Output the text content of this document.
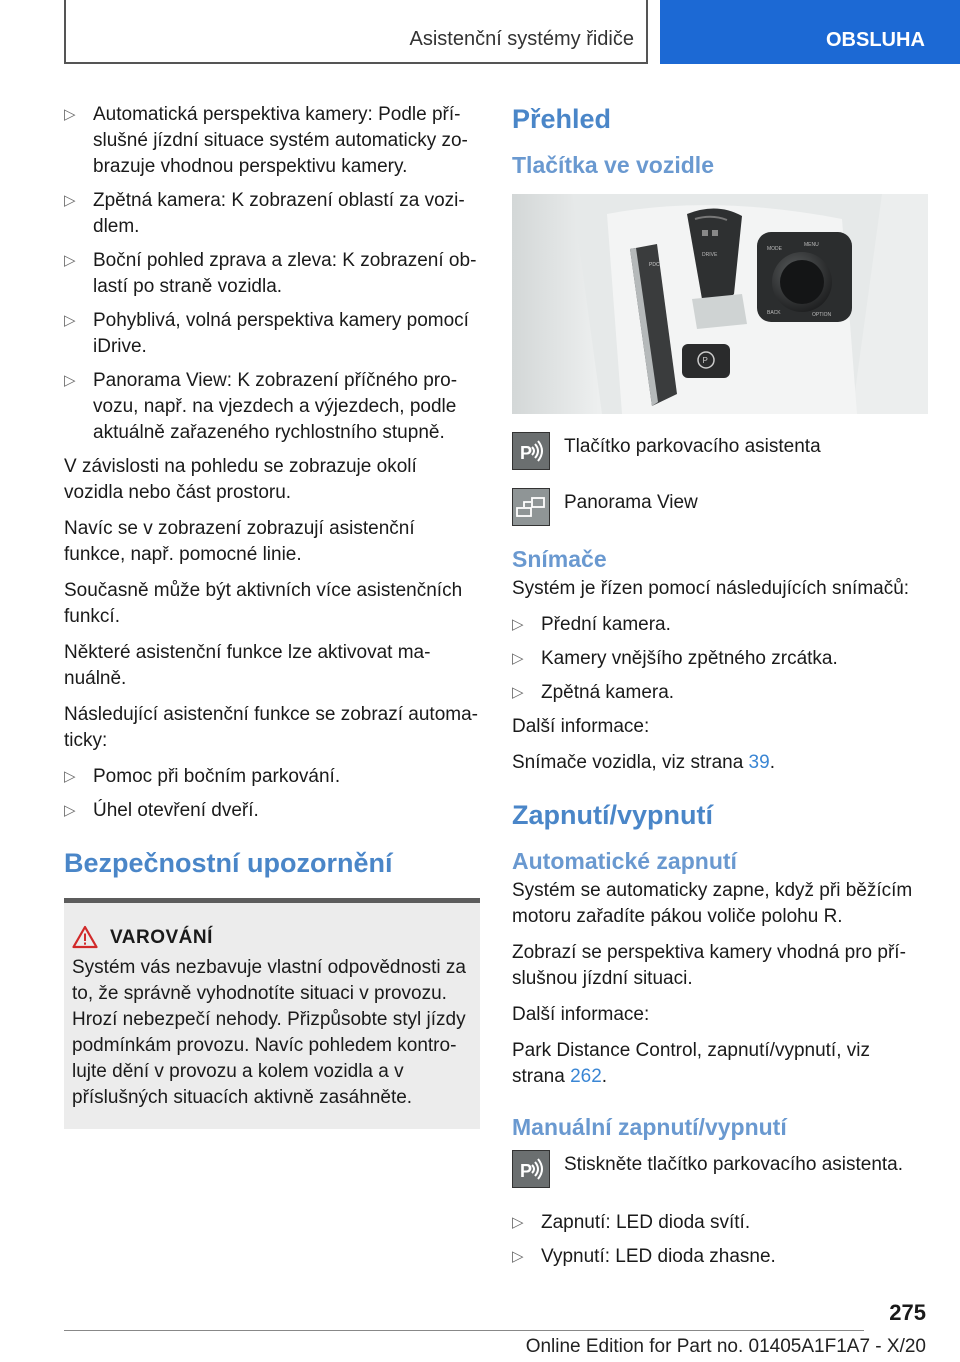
Asistenční systémy řidiče	OBSLUHA
▷ Automatická perspektiva kamery: Podle příslušné jízdní situace systém automaticky zobrazuje vhodnou perspektivu kamery.
▷ Zpětná kamera: K zobrazení oblastí za vozidlem.
▷ Boční pohled zprava a zleva: K zobrazení oblastí po straně vozidla.
▷ Pohyblivá, volná perspektiva kamery pomocí iDrive.
▷ Panorama View: K zobrazení příčného provozu, např. na vjezdech a výjezdech, podle aktuálně zařazeného rychlostního stupně.

V závislosti na pohledu se zobrazuje okolí vozidla nebo část prostoru.

Navíc se v zobrazení zobrazují asistenční funkce, např. pomocné linie.

Současně může být aktivních více asistenčních funkcí.

Některé asistenční funkce lze aktivovat manuálně.

Následující asistenční funkce se zobrazí automaticky:

▷ Pomoc při bočním parkování.
▷ Úhel otevření dveří.
Bezpečnostní upozornění
VAROVÁNÍ

Systém vás nezbavuje vlastní odpovědnosti za to, že správně vyhodnotíte situaci v provozu. Hrozí nebezpečí nehody. Přizpůsobte styl jízdy podmínkám provozu. Navíc pohledem kontrolujte dění v provozu a kolem vozidla a v příslušných situacích aktivně zasáhněte.

Přehled
Tlačítka ve vozidle
PDC
DRIVE
MODE
MENU
BACK	OPTION
P
P Tlačítko parkovacího asistenta
Panorama View
Snímače

Systém je řízen pomocí následujících snímačů:

▷ Přední kamera.
▷ Kamery vnějšího zpětného zrcátka.
▷ Zpětná kamera.

Další informace:

Snímače vozidla, viz strana 39.

Zapnutí/vypnutí
Automatické zapnutí

Systém se automaticky zapne, když při běžícím motoru zařadíte pákou voliče polohu R.

Zobrazí se perspektiva kamery vhodná pro příslušnou jízdní situaci.

Další informace:

Park Distance Control, zapnutí/vypnutí, viz
strana 262.

Manuální zapnutí/vypnutí
P Stiskněte tlačítko parkovacího asistenta.
▷ Zapnutí: LED dioda svítí.
▷ Vypnutí: LED dioda zhasne.
275
Online Edition for Part no. 01405A1F1A7 - X/20
